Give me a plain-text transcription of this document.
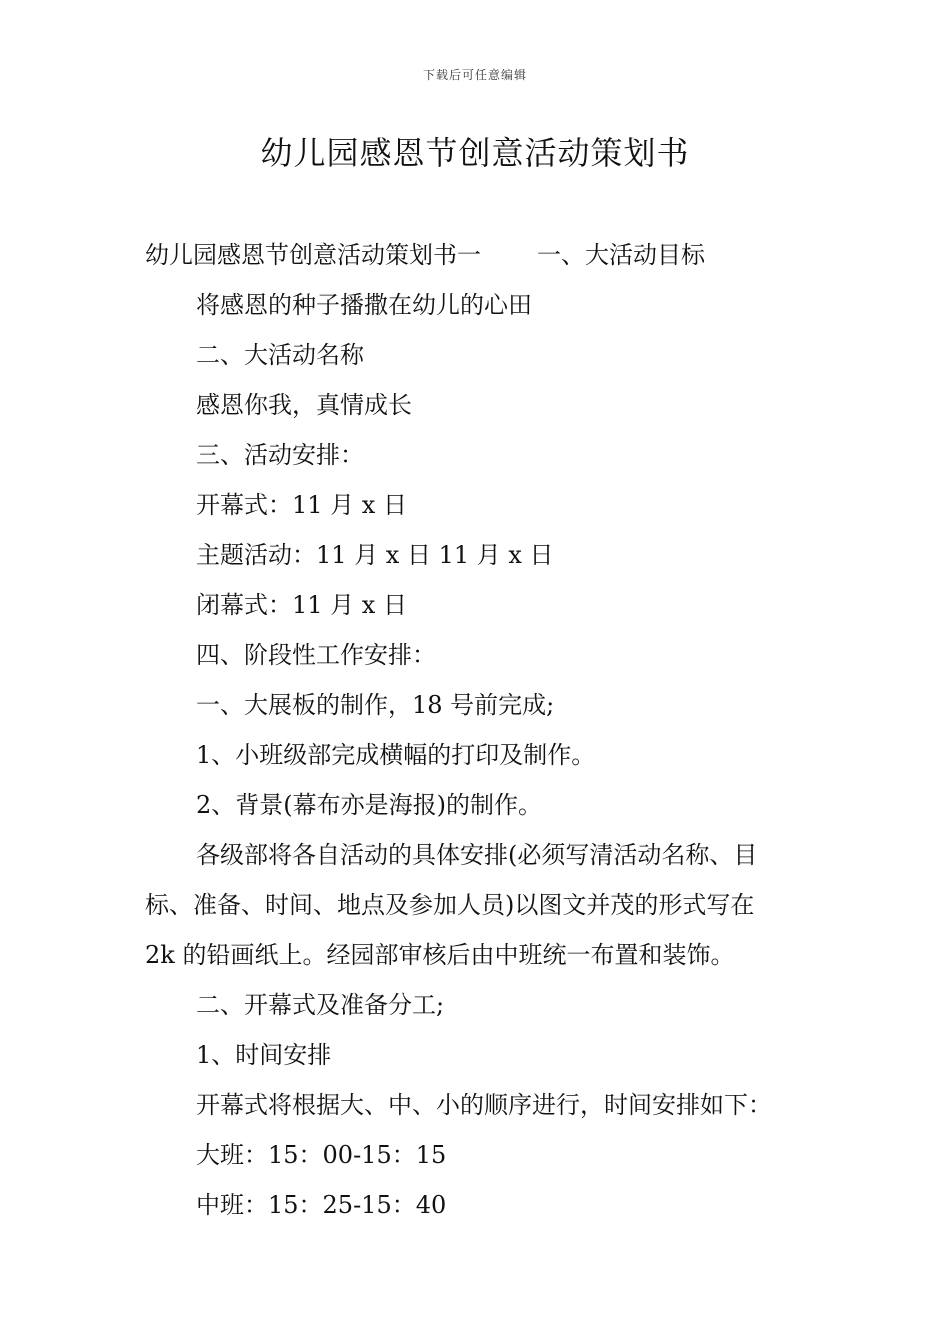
下载后可任意编辑
幼儿园感恩节创意活动策划书
幼儿园感恩节创意活动策划书一 一、大活动目标
将感恩的种子播撒在幼儿的心田
二、大活动名称
感恩你我，真情成长
三、活动安排：
开幕式：11 月 x 日
主题活动：11 月 x 日 11 月 x 日
闭幕式：11 月 x 日
四、阶段性工作安排：
一、大展板的制作，18 号前完成;
1、小班级部完成横幅的打印及制作。
2、背景(幕布亦是海报)的制作。
各级部将各自活动的具体安排(必须写清活动名称、目
标、准备、时间、地点及参加人员)以图文并茂的形式写在
2k 的铅画纸上。经园部审核后由中班统一布置和装饰。
二、开幕式及准备分工;
1、时间安排
开幕式将根据大、中、小的顺序进行，时间安排如下：
大班：15：00-15：15
中班：15：25-15：40
